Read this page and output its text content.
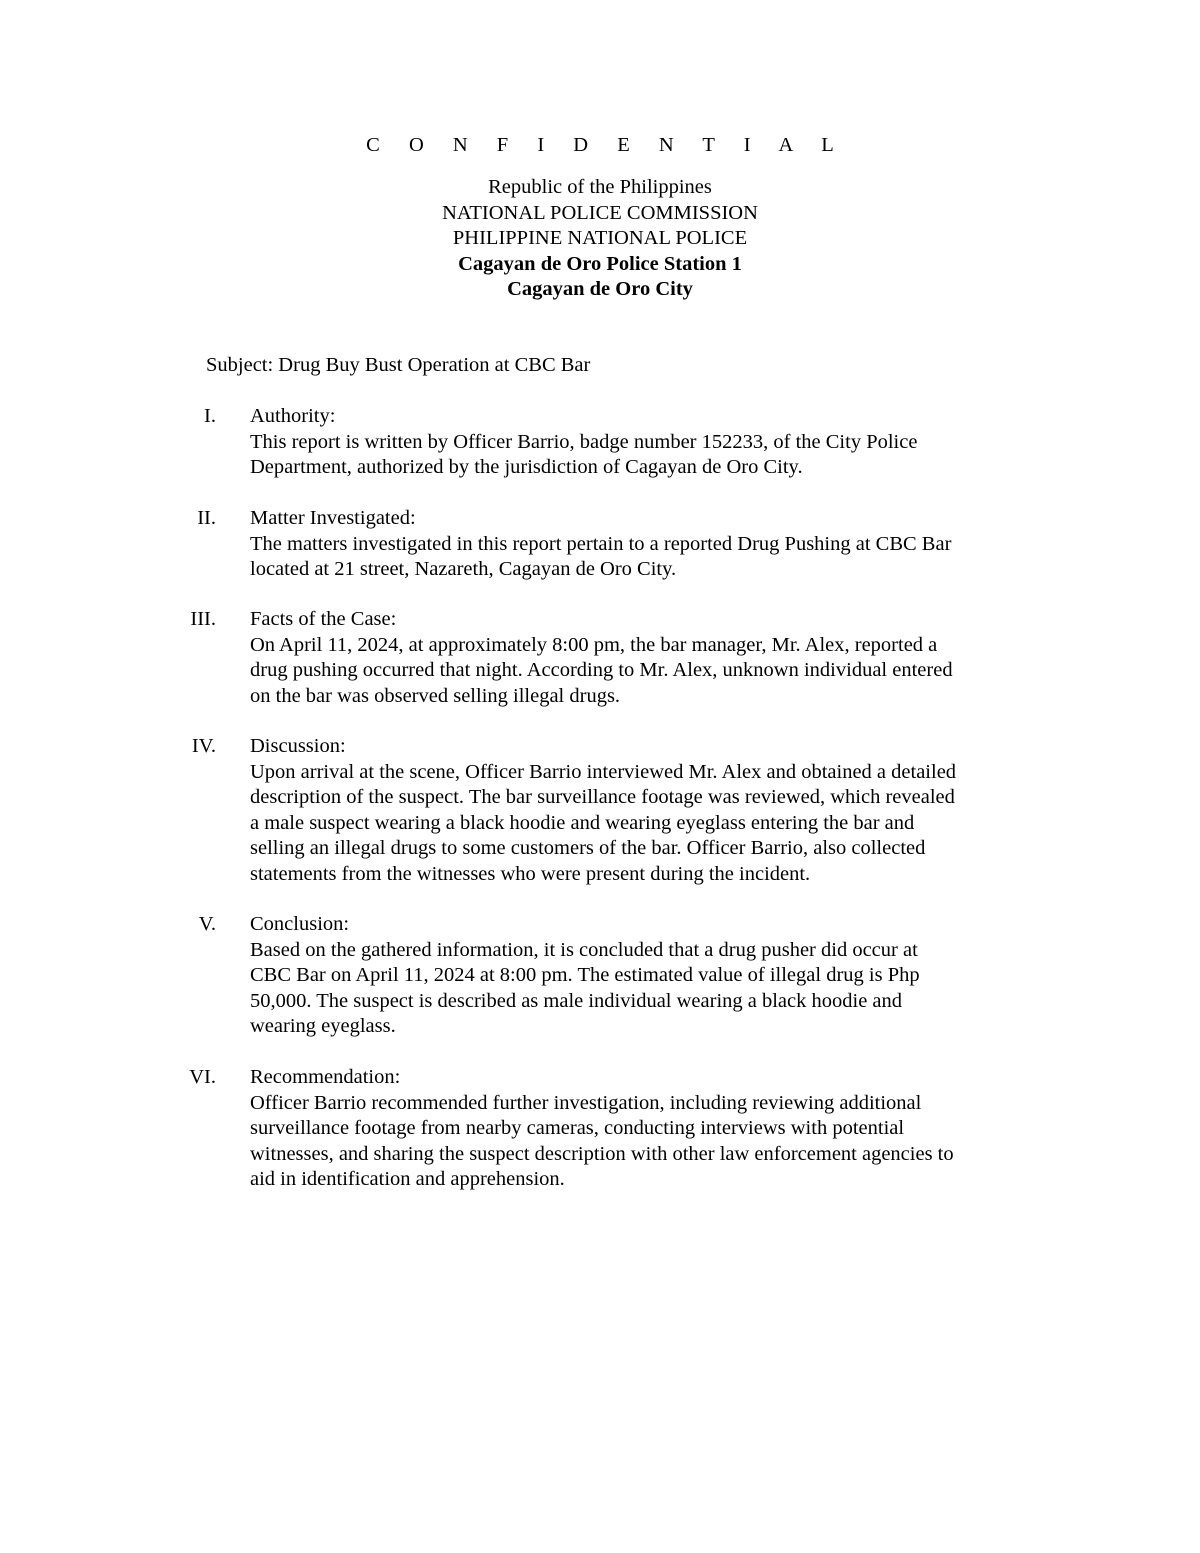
C O N F I D E N T I A L
Republic of the Philippines
NATIONAL POLICE COMMISSION
PHILIPPINE NATIONAL POLICE
Cagayan de Oro Police Station 1
Cagayan de Oro City
Subject: Drug Buy Bust Operation at CBC Bar
I. Authority:
This report is written by Officer Barrio, badge number 152233, of the City Police
Department, authorized by the jurisdiction of Cagayan de Oro City.
II. Matter Investigated:
The matters investigated in this report pertain to a reported Drug Pushing at CBC Bar
located at 21 street, Nazareth, Cagayan de Oro City.
III. Facts of the Case:
On April 11, 2024, at approximately 8:00 pm, the bar manager, Mr. Alex, reported a
drug pushing occurred that night. According to Mr. Alex, unknown individual entered
on the bar was observed selling illegal drugs.
IV. Discussion:
Upon arrival at the scene, Officer Barrio interviewed Mr. Alex and obtained a detailed
description of the suspect. The bar surveillance footage was reviewed, which revealed
a male suspect wearing a black hoodie and wearing eyeglass entering the bar and
selling an illegal drugs to some customers of the bar. Officer Barrio, also collected
statements from the witnesses who were present during the incident.
V. Conclusion:
Based on the gathered information, it is concluded that a drug pusher did occur at
CBC Bar on April 11, 2024 at 8:00 pm. The estimated value of illegal drug is Php
50,000. The suspect is described as male individual wearing a black hoodie and
wearing eyeglass.
VI. Recommendation:
Officer Barrio recommended further investigation, including reviewing additional
surveillance footage from nearby cameras, conducting interviews with potential
witnesses, and sharing the suspect description with other law enforcement agencies to
aid in identification and apprehension.
